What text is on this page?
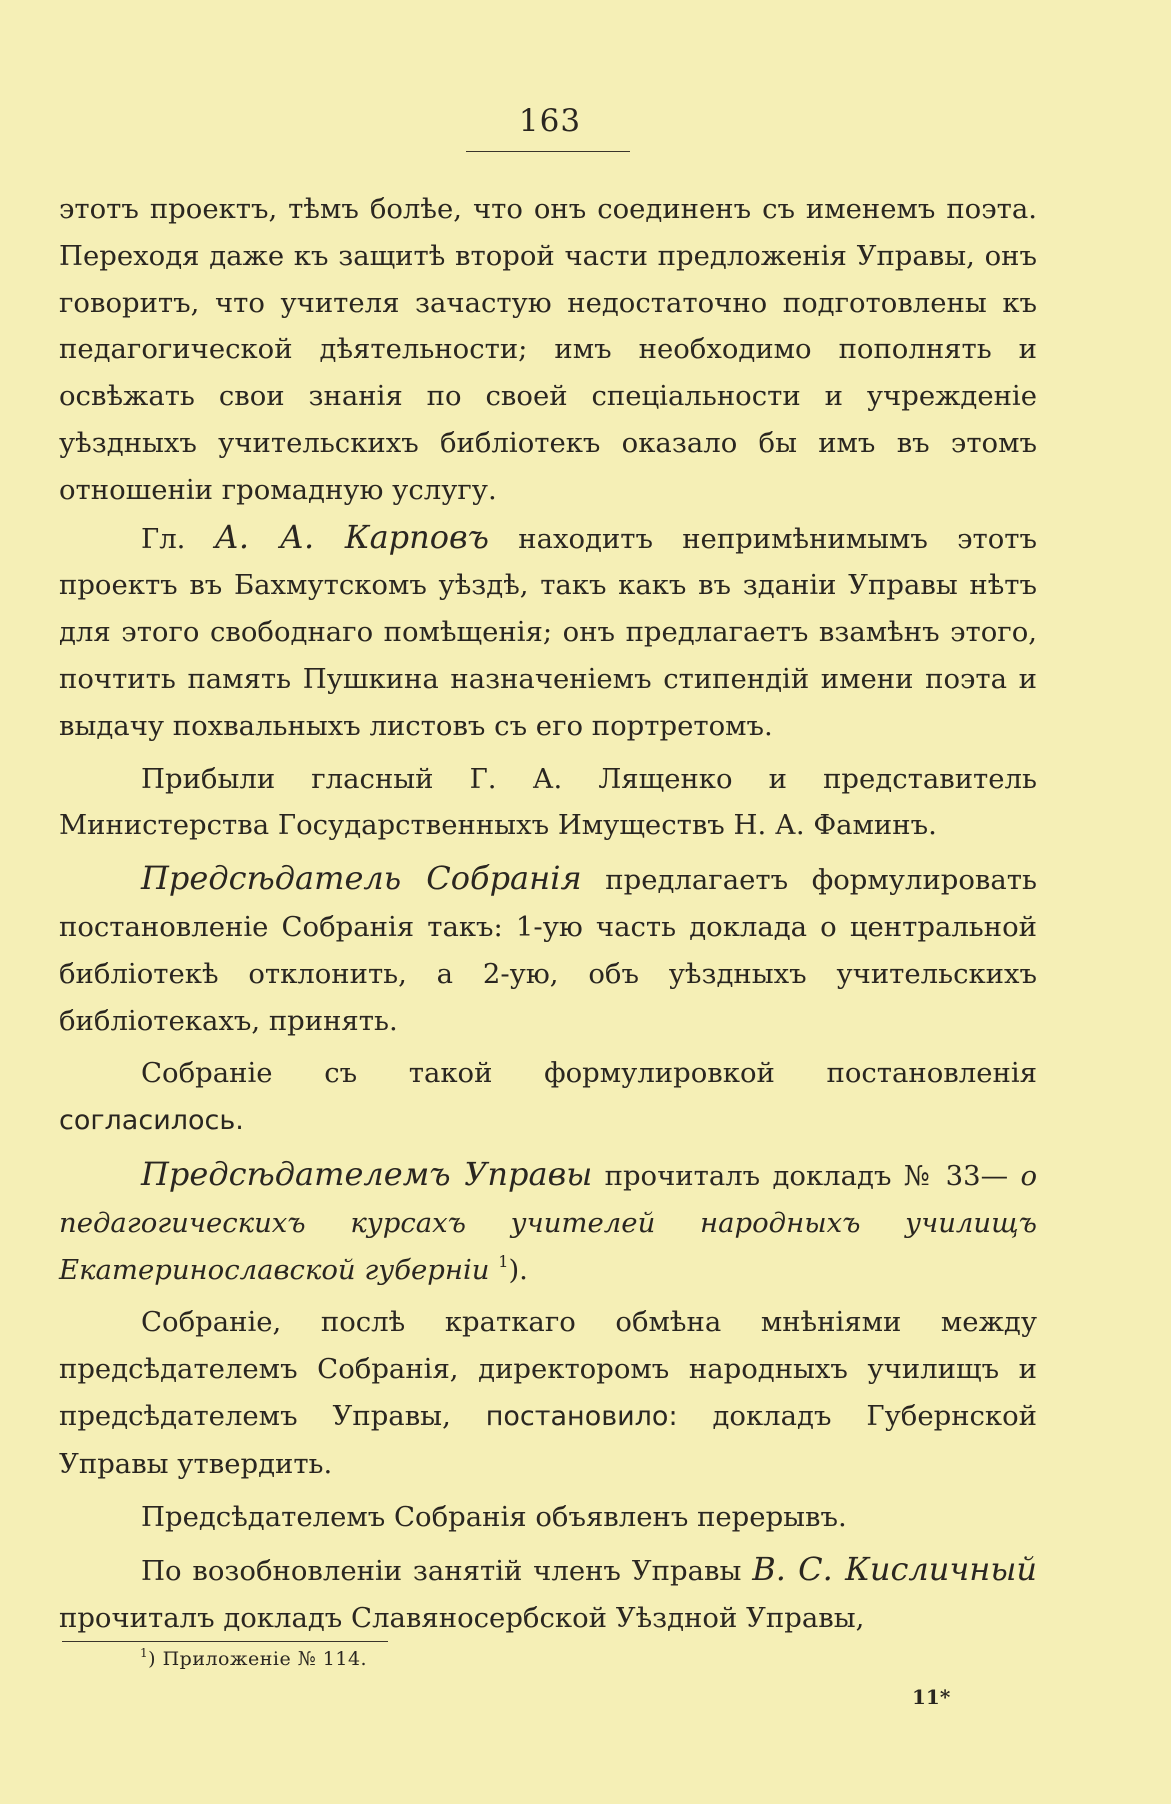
163

этотъ проектъ, тѣмъ болѣе, что онъ соединенъ съ именемъ поэта. Переходя даже къ защитѣ второй части предложенія Управы, онъ говоритъ, что учителя зачастую недостаточно подготовлены къ педагогической дѣятельности; имъ необходимо пополнять и освѣжать свои знанія по своей спеціальности и учрежденіе уѣздныхъ учительскихъ библіотекъ оказало бы имъ въ этомъ отношеніи громадную услугу.

Гл. А. А. Карповъ находитъ непримѣнимымъ этотъ проектъ въ Бахмутскомъ уѣздѣ, такъ какъ въ зданіи Управы нѣтъ для этого свободнаго помѣщенія; онъ предлагаетъ взамѣнъ этого, почтить память Пушкина назначеніемъ стипендій имени поэта и выдачу похвальныхъ листовъ съ его портретомъ.

Прибыли гласный Г. А. Лященко и представитель Министерства Государственныхъ Имуществъ Н. А. Фаминъ.

Предсѣдатель Собранія предлагаетъ формулировать постановленіе Собранія такъ: 1-ую часть доклада о центральной библіотекѣ отклонить, а 2-ую, объ уѣздныхъ учительскихъ библіотекахъ, принять.

Собраніе съ такой формулировкой постановленія согласилось.

Предсѣдателемъ Управы прочиталъ докладъ № 33— о педагогическихъ курсахъ учителей народныхъ училищъ Екатеринославской губерніи $^1$).

Собраніе, послѣ краткаго обмѣна мнѣніями между предсѣдателемъ Собранія, директоромъ народныхъ училищъ и предсѣдателемъ Управы, постановило: докладъ Губернской Управы утвердить.

Предсѣдателемъ Собранія объявленъ перерывъ.

По возобновленіи занятій членъ Управы В. С. Кисличный прочиталъ докладъ Славяносербской Уѣздной Управы,

$^1$) Приложеніе № 114.
11*
